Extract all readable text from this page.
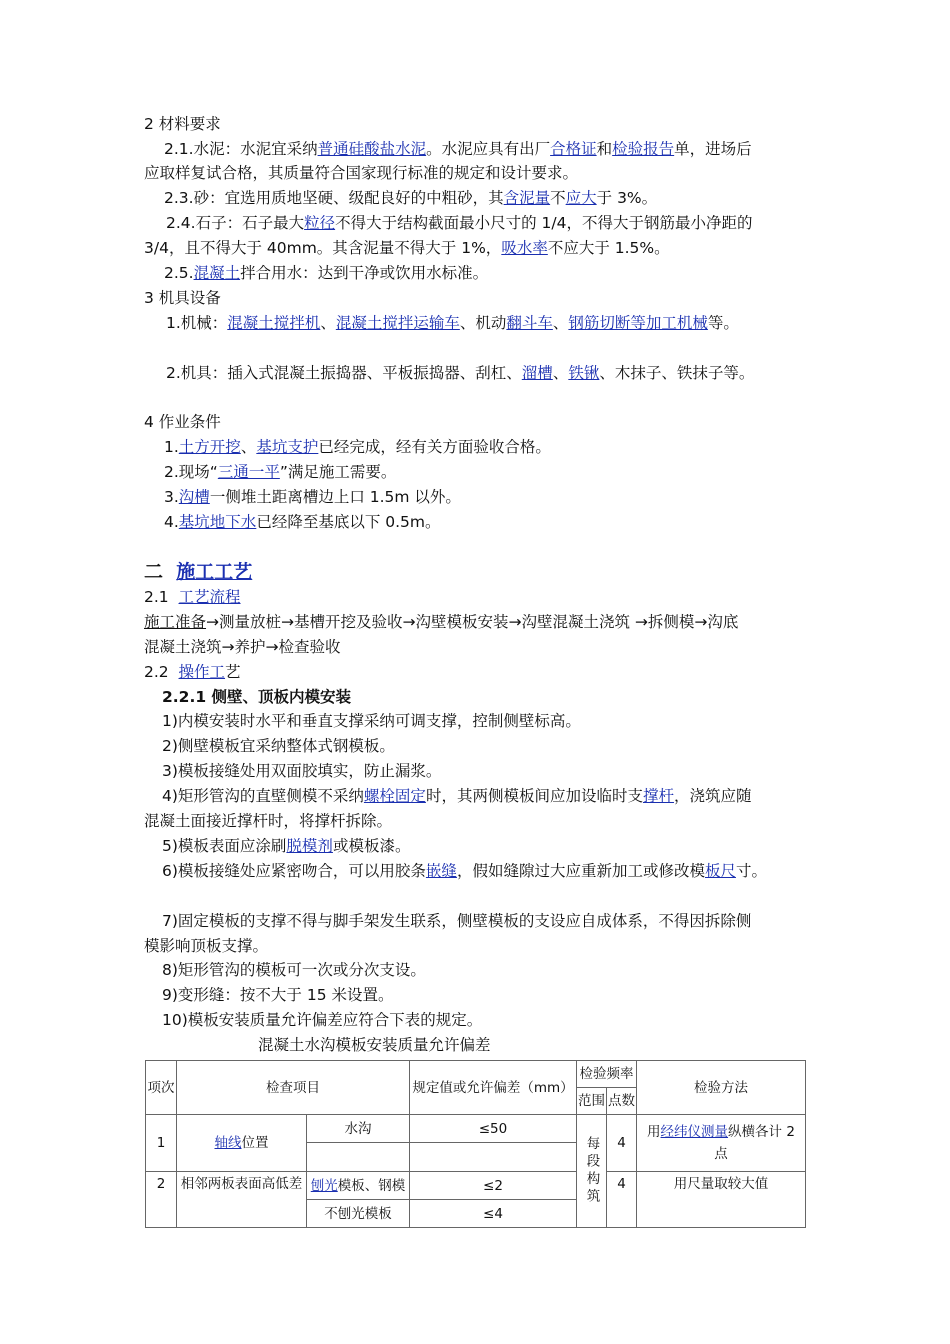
2 材料要求
2.1.水泥：水泥宜采纳普通硅酸盐水泥。水泥应具有出厂合格证和检验报告单，进场后
应取样复试合格，其质量符合国家现行标准的规定和设计要求。
2.3.砂：宜选用质地坚硬、级配良好的中粗砂，其含泥量不应大于 3%。
2.4.石子：石子最大粒径不得大于结构截面最小尺寸的 1/4，不得大于钢筋最小净距的
3/4，且不得大于 40mm。其含泥量不得大于 1%，吸水率不应大于 1.5%。
2.5.混凝土拌合用水：达到干净或饮用水标准。
3 机具设备
1.机械：混凝土搅拌机、混凝土搅拌运输车、机动翻斗车、钢筋切断等加工机械等。
2.机具：插入式混凝土振捣器、平板振捣器、刮杠、溜槽、铁锹、木抹子、铁抹子等。
4 作业条件
1.土方开挖、基坑支护已经完成，经有关方面验收合格。
2.现场“三通一平”满足施工需要。
3.沟槽一侧堆土距离槽边上口 1.5m 以外。
4.基坑地下水已经降至基底以下 0.5m。
二 施工工艺
2.1 工艺流程
施工准备→测量放桩→基槽开挖及验收→沟壁模板安装→沟壁混凝土浇筑 →拆侧模→沟底
混凝土浇筑→养护→检查验收
2.2 操作工艺
2.2.1 侧壁、顶板内模安装
1)内模安装时水平和垂直支撑采纳可调支撑，控制侧壁标高。
2)侧壁模板宜采纳整体式钢模板。
3)模板接缝处用双面胶填实，防止漏浆。
4)矩形管沟的直壁侧模不采纳螺栓固定时，其两侧模板间应加设临时支撑杆，浇筑应随
混凝土面接近撑杆时，将撑杆拆除。
5)模板表面应涂刷脱模剂或模板漆。
6)模板接缝处应紧密吻合，可以用胶条嵌缝，假如缝隙过大应重新加工或修改模板尺寸。
7)固定模板的支撑不得与脚手架发生联系，侧壁模板的支设应自成体系，不得因拆除侧
模影响顶板支撑。
8)矩形管沟的模板可一次或分次支设。
9)变形缝：按不大于 15 米设置。
10)模板安装质量允许偏差应符合下表的规定。
混凝土水沟模板安装质量允许偏差
项次	检查项目		规定值或允许偏差（mm）	检验频率		检验方法
				范围	点数	
1	轴线位置	水沟	≤50	每段构筑	4	用经纬仪测量纵横各计 2
点

2	相邻两板表面高低差	刨光模板、钢模	≤2		4	用尺量取较大值
		不刨光模板	≤4			
